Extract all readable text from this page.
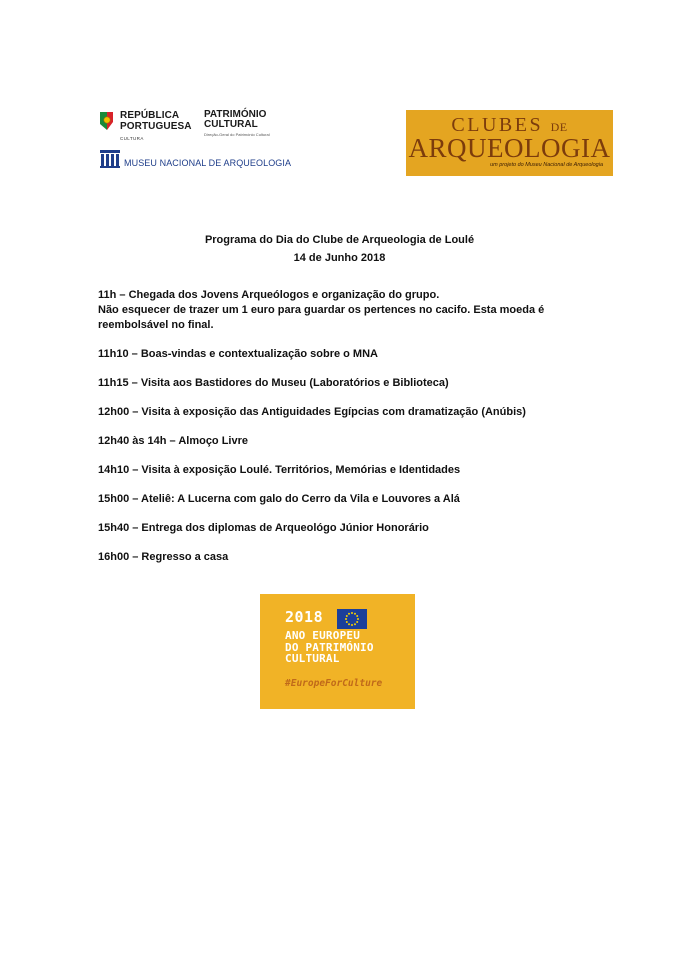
REPÚBLICA
PORTUGUESA
CULTURA
PATRIMÓNIO
CULTURAL
Direção-Geral do Património Cultural
MUSEU NACIONAL DE ARQUEOLOGIA
CLUBES DE
ARQUEOLOGIA
um projeto do Museu Nacional de Arqueologia
Programa do Dia do Clube de Arqueologia de Loulé
14 de Junho 2018

11h – Chegada dos Jovens Arqueólogos e organização do grupo.

Não esquecer de trazer um 1 euro para guardar os pertences no cacifo. Esta moeda é

reembolsável no final.

11h10 – Boas-vindas e contextualização sobre o MNA

11h15 – Visita aos Bastidores do Museu (Laboratórios e Biblioteca)

12h00 – Visita à exposição das Antiguidades Egípcias com dramatização (Anúbis)

12h40 às 14h – Almoço Livre

14h10 – Visita à exposição Loulé. Territórios, Memórias e Identidades

15h00 – Ateliê: A Lucerna com galo do Cerro da Vila e Louvores a Alá

15h40 – Entrega dos diplomas de Arqueológo Júnior Honorário

16h00 – Regresso a casa

2018
ANO EUROPEU
DO PATRIMÓNIO
CULTURAL
#EuropeForCulture
